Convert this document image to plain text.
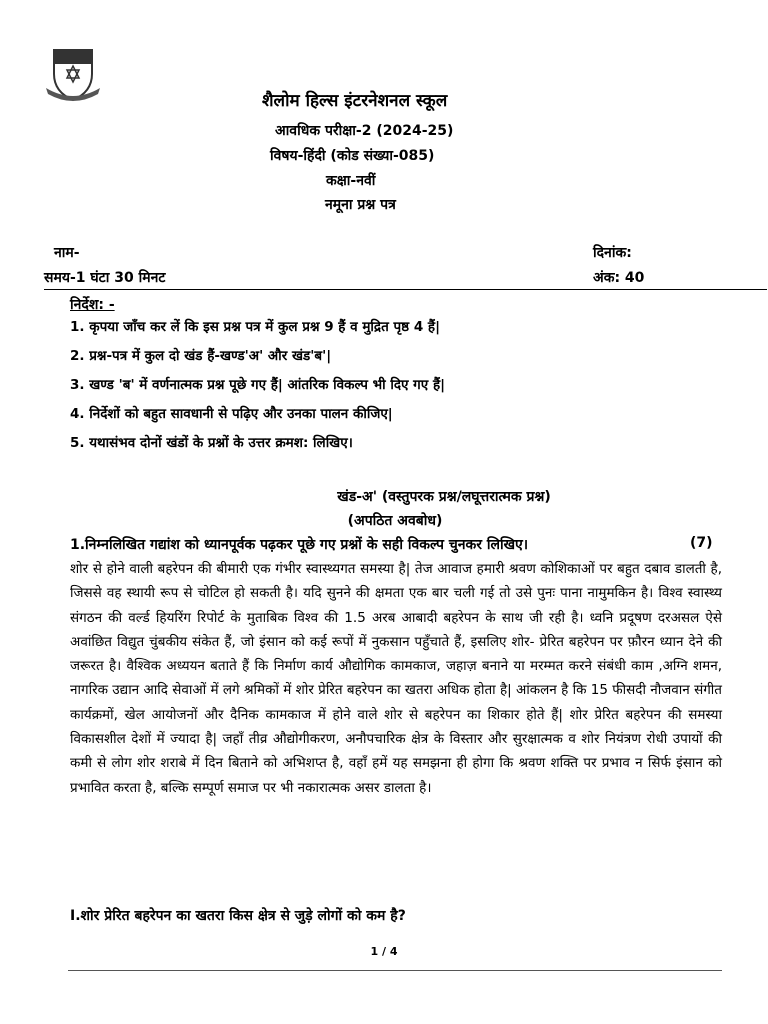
शैलोम हिल्स इंटरनेशनल स्कूल
आवधिक परीक्षा-2 (2024-25)
विषय-हिंदी (कोड संख्या-085)
कक्षा-नवीं
नमूना प्रश्न पत्र
नाम-	दिनांक:
समय-1 घंटा 30 मिनट	अंक: 40
निर्देश: -
1. कृपया जाँच कर लें कि इस प्रश्न पत्र में कुल प्रश्न 9 हैं व मुद्रित पृष्ठ 4 हैं|
2. प्रश्न-पत्र में कुल दो खंड हैं-खण्ड'अ' और खंड'ब'|
3. खण्ड 'ब' में वर्णनात्मक प्रश्न पूछे गए हैं| आंतरिक विकल्प भी दिए गए हैं|
4. निर्देशों को बहुत सावधानी से पढ़िए और उनका पालन कीजिए|
5. यथासंभव दोनों खंडों के प्रश्नों के उत्तर क्रमश: लिखिए।
खंड-अ' (वस्तुपरक प्रश्न/लघूत्तरात्मक प्रश्न)
(अपठित अवबोध)
1.निम्नलिखित गद्यांश को ध्यानपूर्वक पढ़कर पूछे गए प्रश्नों के सही विकल्प चुनकर लिखिए।	(7)

शोर से होने वाली बहरेपन की बीमारी एक गंभीर स्वास्थ्यगत समस्या है| तेज आवाज हमारी श्रवण कोशिकाओं पर बहुत दबाव डालती है, जिससे वह स्थायी रूप से चोटिल हो सकती है। यदि सुनने की क्षमता एक बार चली गई तो उसे पुनः पाना नामुमकिन है। विश्व स्वास्थ्य संगठन की वर्ल्ड हियरिंग रिपोर्ट के मुताबिक विश्व की 1.5 अरब आबादी बहरेपन के साथ जी रही है। ध्वनि प्रदूषण दरअसल ऐसे अवांछित विद्युत चुंबकीय संकेत हैं, जो इंसान को कई रूपों में नुकसान पहुँचाते हैं, इसलिए शोर- प्रेरित बहरेपन पर फ़ौरन ध्यान देने की जरूरत है। वैश्विक अध्ययन बताते हैं कि निर्माण कार्य औद्योगिक कामकाज, जहाज़ बनाने या मरम्मत करने संबंधी काम ,अग्नि शमन, नागरिक उद्यान आदि सेवाओं में लगे श्रमिकों में शोर प्रेरित बहरेपन का खतरा अधिक होता है| आंकलन है कि 15 फीसदी नौजवान संगीत कार्यक्रमों, खेल आयोजनों और दैनिक कामकाज में होने वाले शोर से बहरेपन का शिकार होते हैं| शोर प्रेरित बहरेपन की समस्या विकासशील देशों में ज्यादा है| जहाँ तीव्र औद्योगीकरण, अनौपचारिक क्षेत्र के विस्तार और सुरक्षात्मक व शोर नियंत्रण रोधी उपायों की कमी से लोग शोर शराबे में दिन बिताने को अभिशप्त है, वहाँ हमें यह समझना ही होगा कि श्रवण शक्ति पर प्रभाव न सिर्फ इंसान को प्रभावित करता है, बल्कि सम्पूर्ण समाज पर भी नकारात्मक असर डालता है।

I.शोर प्रेरित बहरेपन का खतरा किस क्षेत्र से जुड़े लोगों को कम है?
1 / 4
